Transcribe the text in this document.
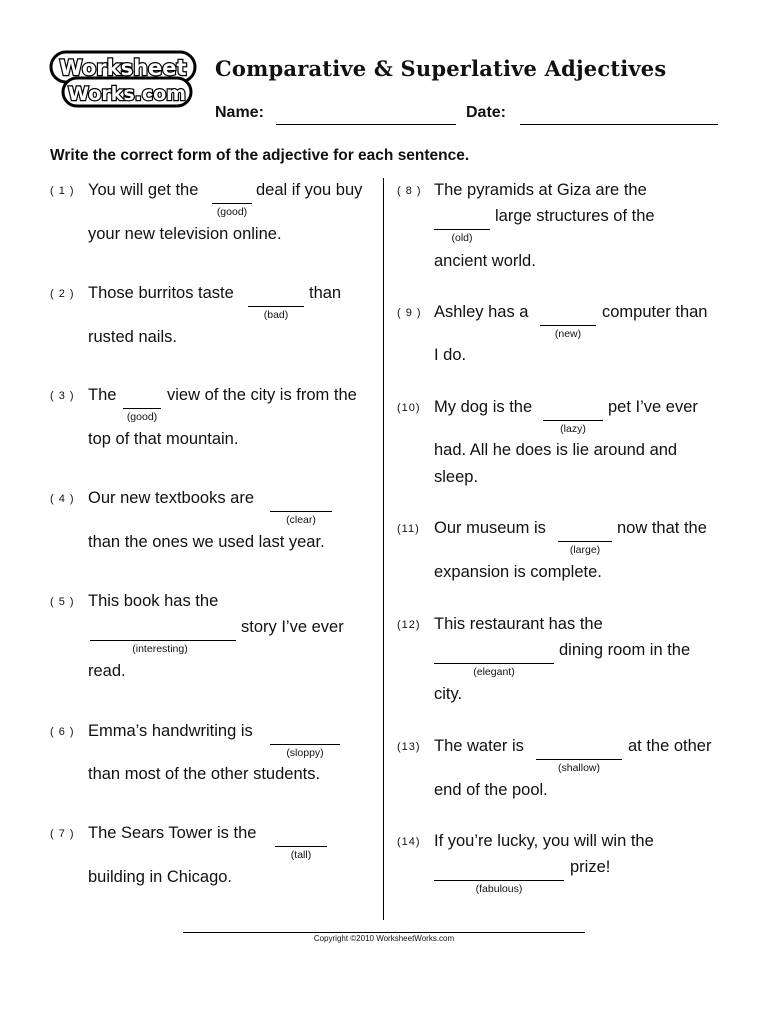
Worksheet
Works.com
Comparative & Superlative Adjectives
Name:	Date:
Write the correct form of the adjective for each sentence.
( 1 ) You will get the	deal if you buy
(good)
your new television online.
( 2 ) Those burritos taste	than
(bad)
rusted nails.
( 3 ) The	view of the city is from the
(good)
top of that mountain.
( 4 ) Our new textbooks are
(clear)
than the ones we used last year.
( 5 ) This book has the
story I’ve ever
(interesting)
read.
( 6 ) Emma’s handwriting is
(sloppy)
than most of the other students.
( 7 ) The Sears Tower is the
(tall)
building in Chicago.
( 8 ) The pyramids at Giza are the
large structures of the
(old)
ancient world.
( 9 ) Ashley has a	computer than
(new)
I do.
(10) My dog is the	pet I’ve ever
(lazy)
had. All he does is lie around and
sleep.
(11) Our museum is	now that the
(large)
expansion is complete.
(12) This restaurant has the
dining room in the
(elegant)
city.
(13) The water is	at the other
(shallow)
end of the pool.
(14) If you’re lucky, you will win the
prize!
(fabulous)
Copyright ©2010 WorksheetWorks.com
